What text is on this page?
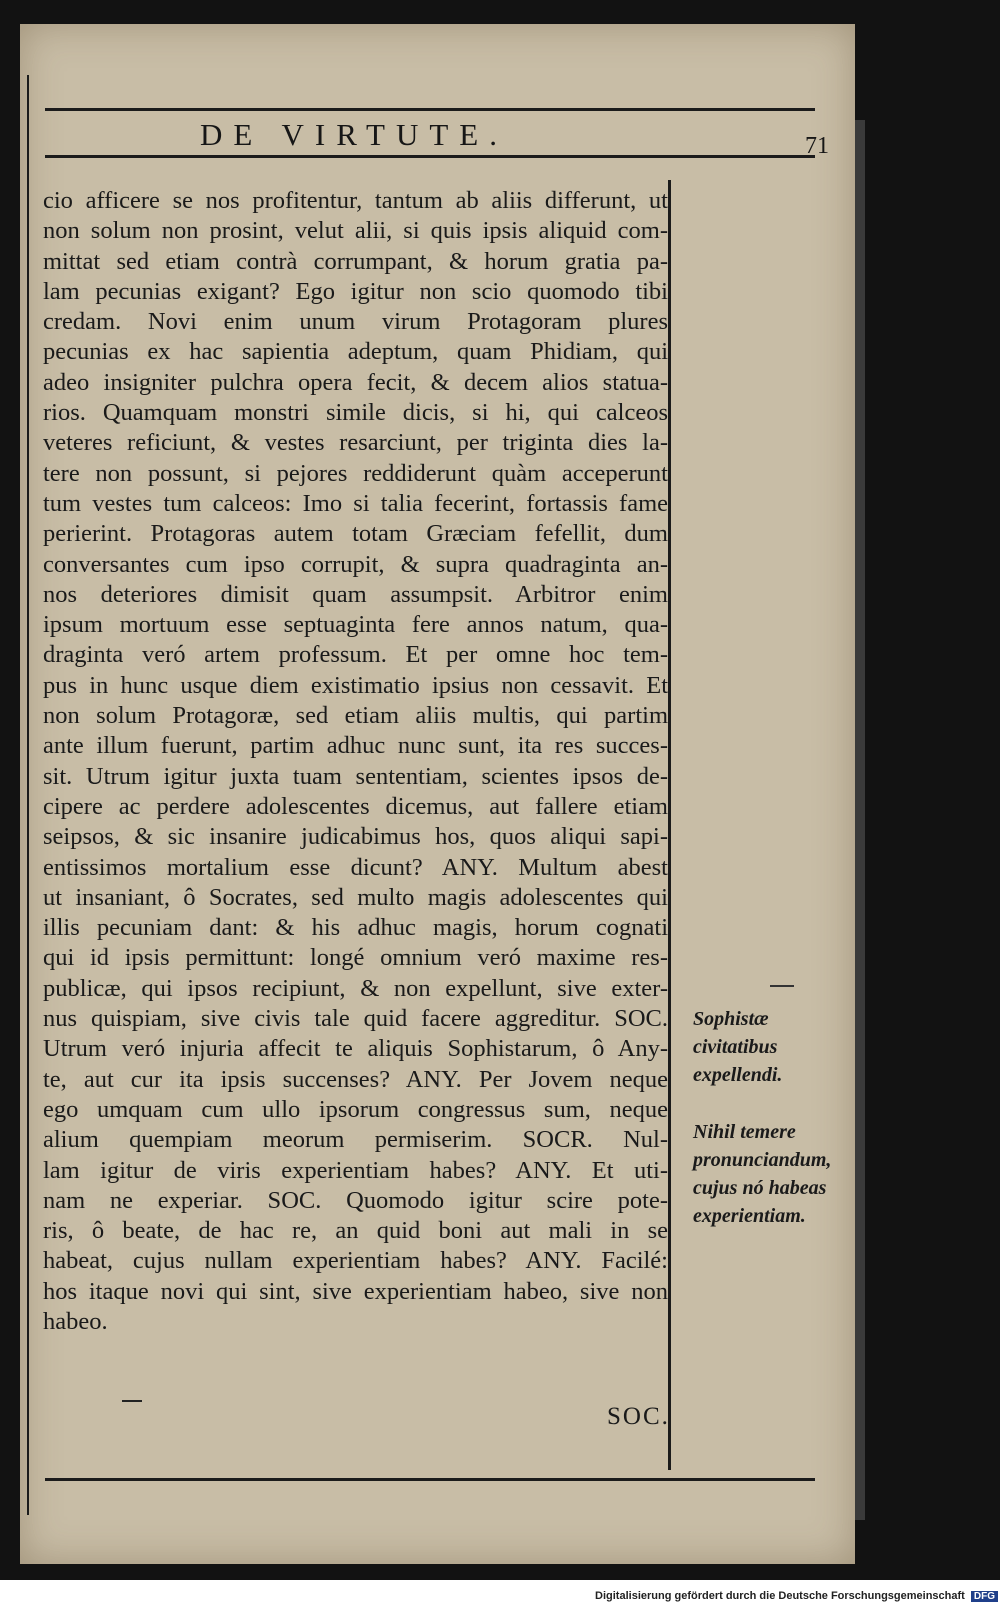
DE VIRTUTE.	71
cio afficere se nos profitentur, tantum ab aliis differunt, ut
non solum non prosint, velut alii, si quis ipsis aliquid com-
mittat sed etiam contrà corrumpant, & horum gratia pa-
lam pecunias exigant? Ego igitur non scio quomodo tibi
credam. Novi enim unum virum Protagoram plures
pecunias ex hac sapientia adeptum, quam Phidiam, qui
adeo insigniter pulchra opera fecit, & decem alios statua-
rios. Quamquam monstri simile dicis, si hi, qui calceos
veteres reficiunt, & vestes resarciunt, per triginta dies la-
tere non possunt, si pejores reddiderunt quàm acceperunt
tum vestes tum calceos: Imo si talia fecerint, fortassis fame
perierint. Protagoras autem totam Græciam fefellit, dum
conversantes cum ipso corrupit, & supra quadraginta an-
nos deteriores dimisit quam assumpsit. Arbitror enim
ipsum mortuum esse septuaginta fere annos natum, qua-
draginta veró artem professum. Et per omne hoc tem-
pus in hunc usque diem existimatio ipsius non cessavit. Et
non solum Protagoræ, sed etiam aliis multis, qui partim
ante illum fuerunt, partim adhuc nunc sunt, ita res succes-
sit. Utrum igitur juxta tuam sententiam, scientes ipsos de-
cipere ac perdere adolescentes dicemus, aut fallere etiam
seipsos, & sic insanire judicabimus hos, quos aliqui sapi-
entissimos mortalium esse dicunt? ANY. Multum abest
ut insaniant, ô Socrates, sed multo magis adolescentes qui
illis pecuniam dant: & his adhuc magis, horum cognati
qui id ipsis permittunt: longé omnium veró maxime res-
publicæ, qui ipsos recipiunt, & non expellunt, sive exter-
nus quispiam, sive civis tale quid facere aggreditur. SOC.
Utrum veró injuria affecit te aliquis Sophistarum, ô Any-
te, aut cur ita ipsis succenses? ANY. Per Jovem neque
ego umquam cum ullo ipsorum congressus sum, neque
alium quempiam meorum permiserim. SOCR. Nul-
lam igitur de viris experientiam habes? ANY. Et uti-
nam ne experiar. SOC. Quomodo igitur scire pote-
ris, ô beate, de hac re, an quid boni aut mali in se
habeat, cujus nullam experientiam habes? ANY. Facilé:
hos itaque novi qui sint, sive experientiam habeo, sive non
habeo.
SOC.
Sophistæ civitatibus expellendi.
Nihil temere pronunciandum, cujus nó habeas experientiam.
Digitalisierung gefördert durch die Deutsche Forschungsgemeinschaft DFG
